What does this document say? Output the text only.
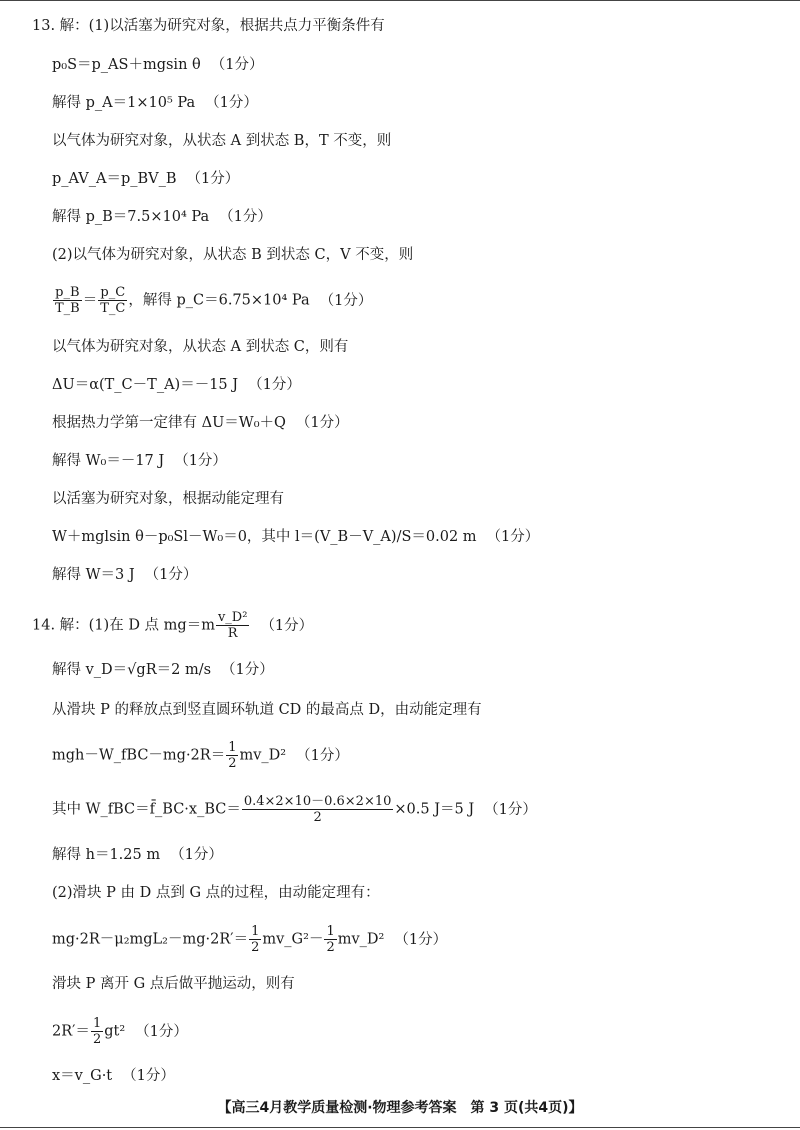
13. 解：(1)以活塞为研究对象，根据共点力平衡条件有
p₀S＝p_AS＋mgsin θ （1分）
解得 p_A＝1×10⁵ Pa （1分）
以气体为研究对象，从状态 A 到状态 B，T 不变，则
p_AV_A＝p_BV_B （1分）
解得 p_B＝7.5×10⁴ Pa （1分）
(2)以气体为研究对象，从状态 B 到状态 C，V 不变，则
$\frac{p\_B}{T\_B} = \frac{p\_C}{T\_C}$ ，解得 p_C＝6.75×10⁴ Pa （1分）
以气体为研究对象，从状态 A 到状态 C，则有
ΔU＝α(T_C－T_A)＝－15 J （1分）
根据热力学第一定律有 ΔU＝W₀＋Q （1分）
解得 W₀＝－17 J （1分）
以活塞为研究对象，根据动能定理有
W＋mglsin θ－p₀Sl－W₀＝0，其中 l＝(V_B－V_A)/S＝0.02 m （1分）
解得 W＝3 J （1分）
14. 解：(1)在 D 点 $mg=m \frac{\text{v\_D²}}{R} (1$分）
解得 v_D＝√gR＝2 m/s （1分）
从滑块 P 的释放点到竖直圆环轨道 CD 的最高点 D，由动能定理有
mgh－W_fBC－mg·2R＝ $\frac{1}{2}$ mv_D² （1分）
其中 W_fBC＝f̄_BC·x_BC＝ $\frac{0.4\times 2\times 10-0.6\times 2\times 10}{2} \times 0.5$ J＝5 J （1分）
解得 h＝1.25 m （1分）
(2)滑块 P 由 D 点到 G 点的过程，由动能定理有：
$mg\cdot 2R-\mu_2mgL_2-mg\cdot 2R'= \frac{1}{2}$ mv_G²－ $\frac{1}{2}$ mv_D² （1分）
滑块 P 离开 G 点后做平抛运动，则有
$2R'= \frac{1}{2} gt^2$ （1分）
x＝v_G·t （1分）
【高三4月教学质量检测·物理参考答案　第 3 页(共4页)】
